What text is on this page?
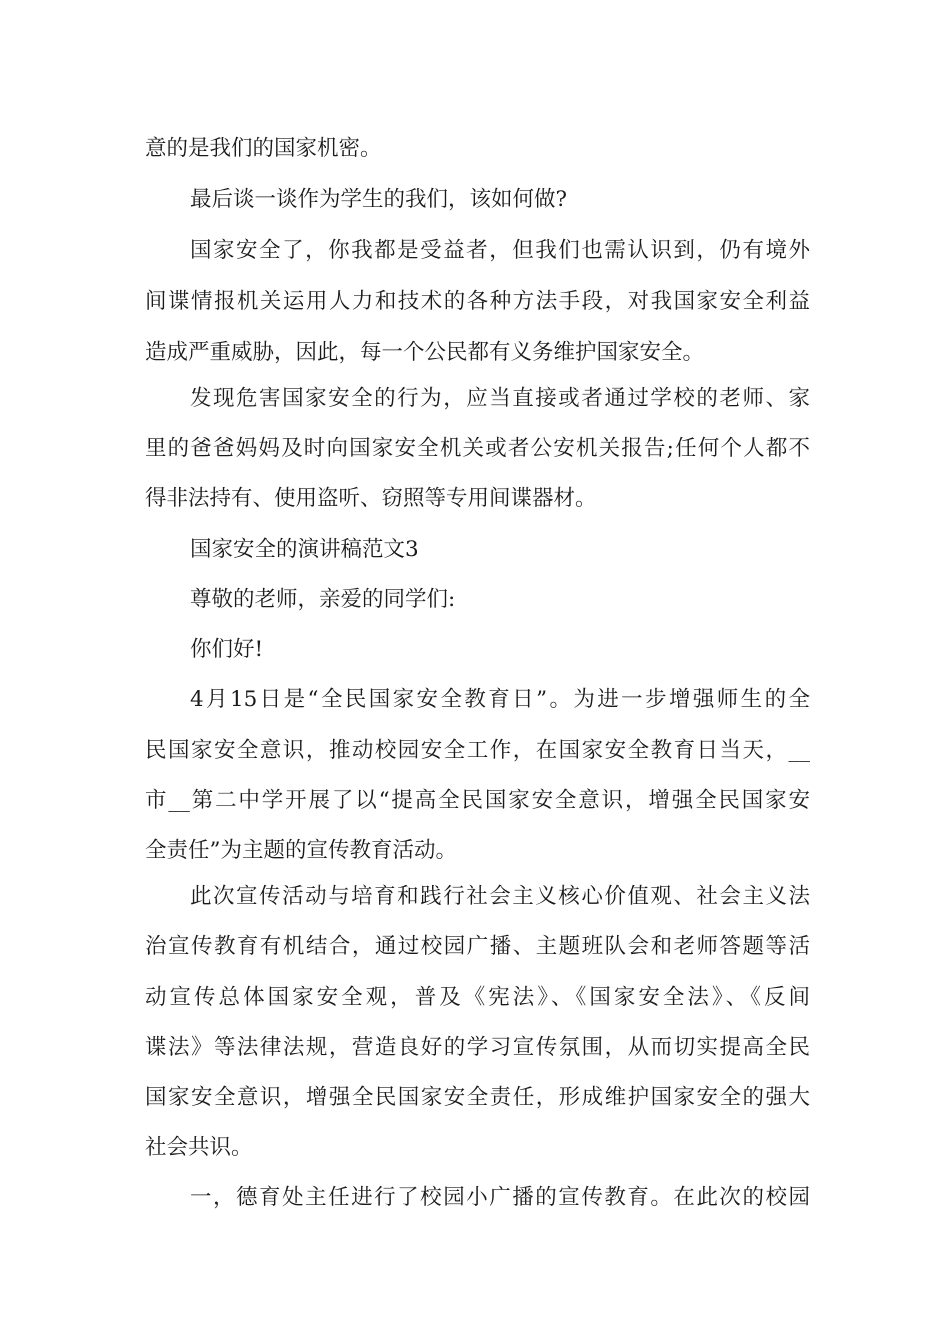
意的是我们的国家机密。
最后谈一谈作为学生的我们，该如何做?
国家安全了，你我都是受益者，但我们也需认识到，仍有境外
间谍情报机关运用人力和技术的各种方法手段，对我国家安全利益
造成严重威胁，因此，每一个公民都有义务维护国家安全。
发现危害国家安全的行为，应当直接或者通过学校的老师、家
里的爸爸妈妈及时向国家安全机关或者公安机关报告;任何个人都不
得非法持有、使用盗听、窃照等专用间谍器材。
国家安全的演讲稿范文3
尊敬的老师，亲爱的同学们:
你们好!
4月15日是“全民国家安全教育日”。为进一步增强师生的全
民国家安全意识，推动校园安全工作，在国家安全教育日当天，__
市__第二中学开展了以“提高全民国家安全意识，增强全民国家安
全责任”为主题的宣传教育活动。
此次宣传活动与培育和践行社会主义核心价值观、社会主义法
治宣传教育有机结合，通过校园广播、主题班队会和老师答题等活
动宣传总体国家安全观，普及《宪法》、《国家安全法》、《反间
谍法》等法律法规，营造良好的学习宣传氛围，从而切实提高全民
国家安全意识，增强全民国家安全责任，形成维护国家安全的强大
社会共识。
一，德育处主任进行了校园小广播的宣传教育。在此次的校园
